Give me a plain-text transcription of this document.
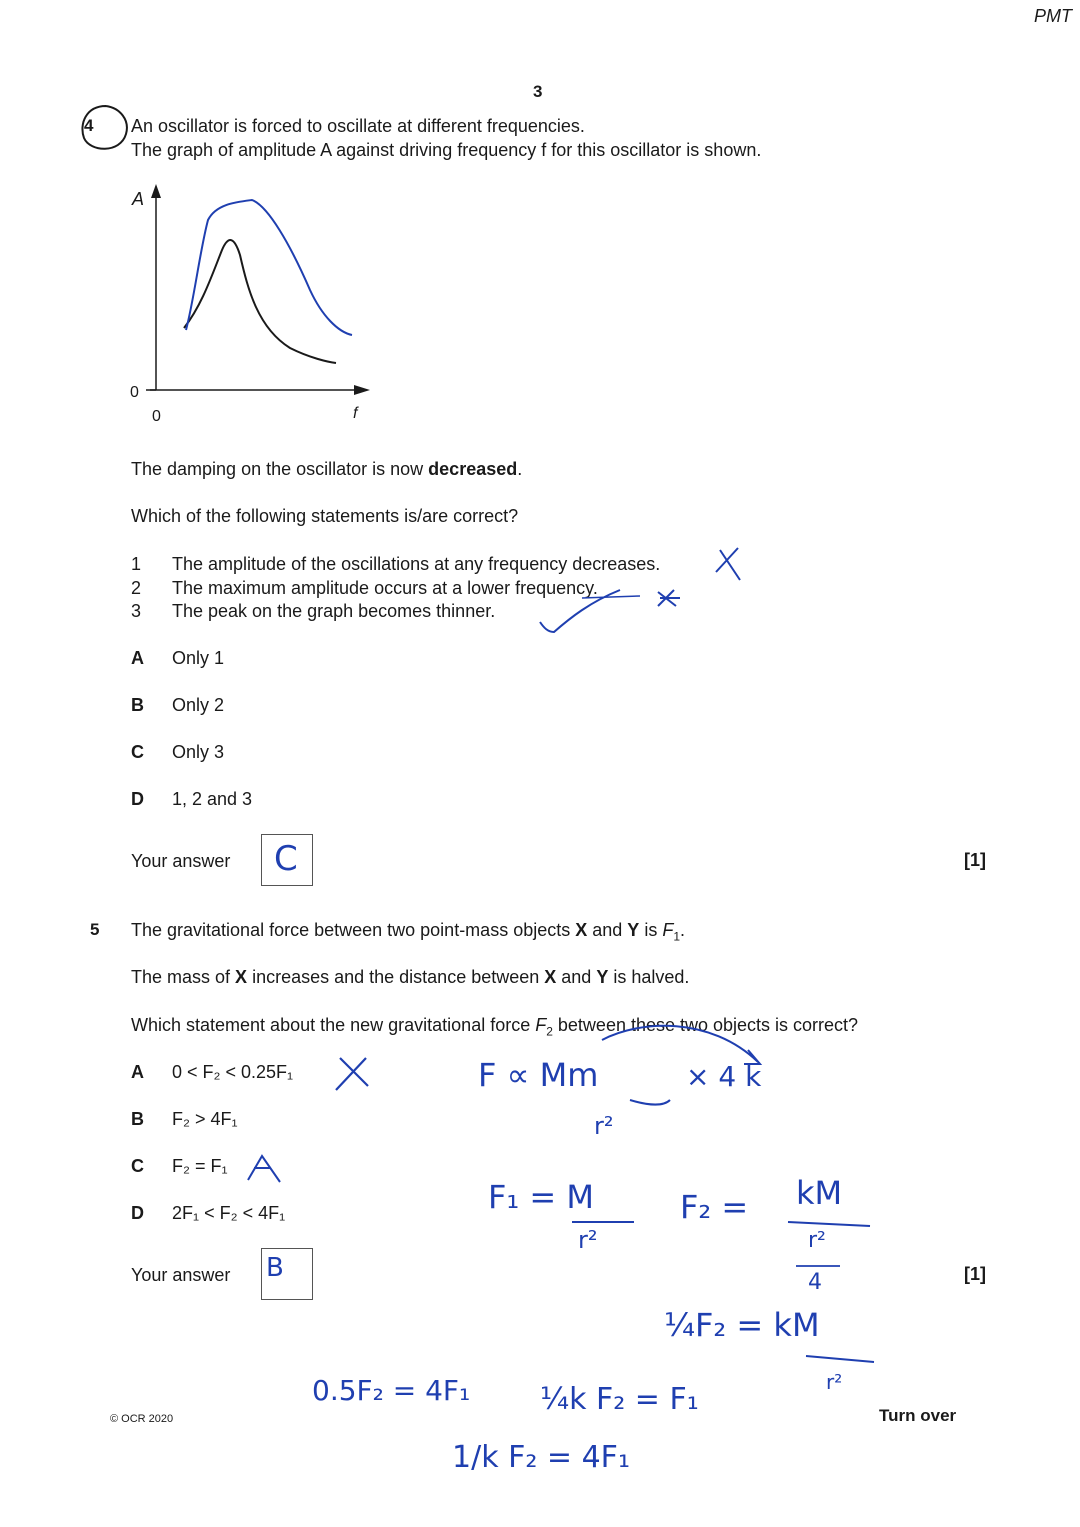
PMT
3
4 An oscillator is forced to oscillate at different frequencies.
The graph of amplitude A against driving frequency f for this oscillator is shown.
A
0
0	f
The damping on the oscillator is now decreased.
Which of the following statements is/are correct?
1 The amplitude of the oscillations at any frequency decreases.
2 The maximum amplitude occurs at a lower frequency.
3 The peak on the graph becomes thinner.
A Only 1
B Only 2
C Only 3
D 1, 2 and 3
Your answer C	[1]
5 The gravitational force between two point-mass objects X and Y is $F_1$.
The mass of X increases and the distance between X and Y is halved.
Which statement about the new gravitational force $F_2$ between these two objects is correct?
A 0 < F₂ < 0.25F₁
B F₂ > 4F₁
C F₂ = F₁
D 2F₁ < F₂ < 4F₁
Your answer B	[1]
F ∝ Mm
r²
× 4 k
F₁ = M
r²
F₂ = kM
r²
4
¼F₂ = kM
r²
0.5F₂ = 4F₁ ¼k F₂ = F₁
1/k F₂ = 4F₁
© OCR 2020	Turn over
